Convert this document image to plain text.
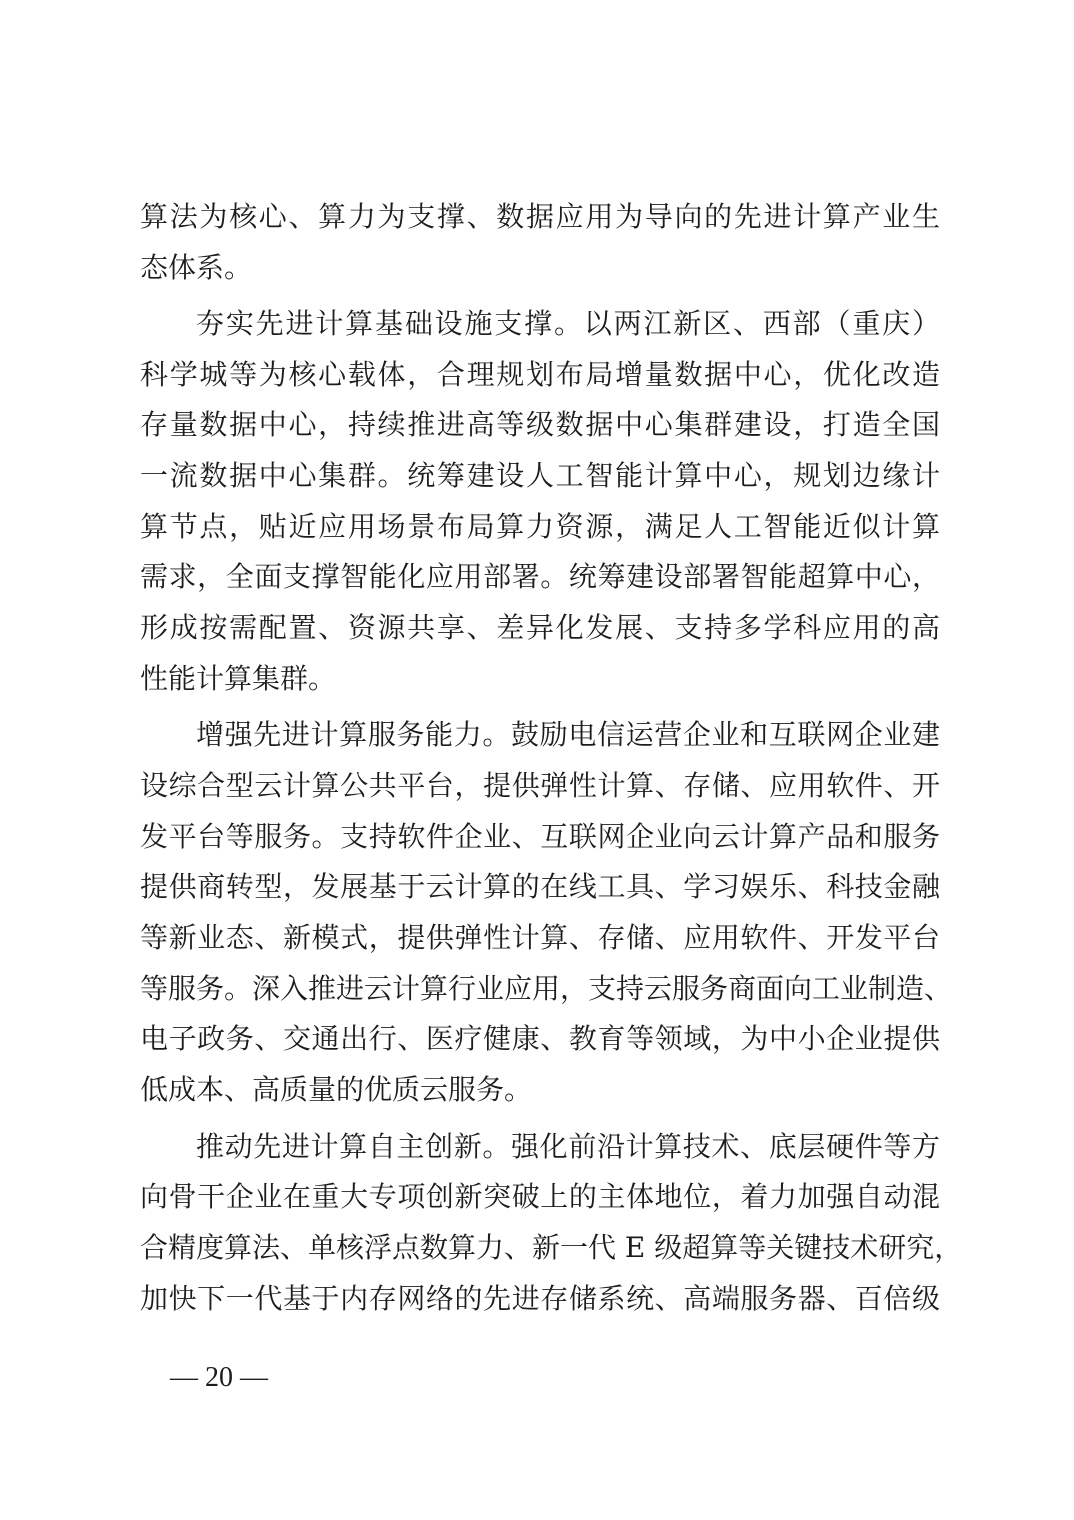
算法为核心、算力为支撑、数据应用为导向的先进计算产业生
态体系。
夯实先进计算基础设施支撑。以两江新区、西部（重庆）
科学城等为核心载体，合理规划布局增量数据中心，优化改造
存量数据中心，持续推进高等级数据中心集群建设，打造全国
一流数据中心集群。统筹建设人工智能计算中心，规划边缘计
算节点，贴近应用场景布局算力资源，满足人工智能近似计算
需求，全面支撑智能化应用部署。统筹建设部署智能超算中心，
形成按需配置、资源共享、差异化发展、支持多学科应用的高
性能计算集群。
增强先进计算服务能力。鼓励电信运营企业和互联网企业建
设综合型云计算公共平台，提供弹性计算、存储、应用软件、开
发平台等服务。支持软件企业、互联网企业向云计算产品和服务
提供商转型，发展基于云计算的在线工具、学习娱乐、科技金融
等新业态、新模式，提供弹性计算、存储、应用软件、开发平台
等服务。深入推进云计算行业应用，支持云服务商面向工业制造、
电子政务、交通出行、医疗健康、教育等领域，为中小企业提供
低成本、高质量的优质云服务。
推动先进计算自主创新。强化前沿计算技术、底层硬件等方
向骨干企业在重大专项创新突破上的主体地位，着力加强自动混
合精度算法、单核浮点数算力、新一代 E 级超算等关键技术研究，
加快下一代基于内存网络的先进存储系统、高端服务器、百倍级
— 20 —
